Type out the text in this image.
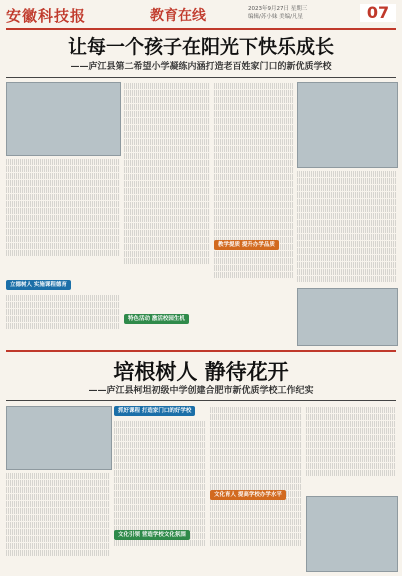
安徽科技报	教育在线	2023年9月27日 星期三
编辑/苏小妹 美编/凡星	07
让每一个孩子在阳光下快乐成长
——庐江县第二希望小学凝练内涵打造老百姓家门口的新优质学校
立德树人 实施课程德育
特色活动 激活校园生机
教学提质 提升办学品质
培根树人 静待花开
——庐江县柯坦初级中学创建合肥市新优质学校工作纪实
抓好课程 打造家门口的好学校
文化引领 营造学校文化氛围
文化育人 提高学校办学水平
